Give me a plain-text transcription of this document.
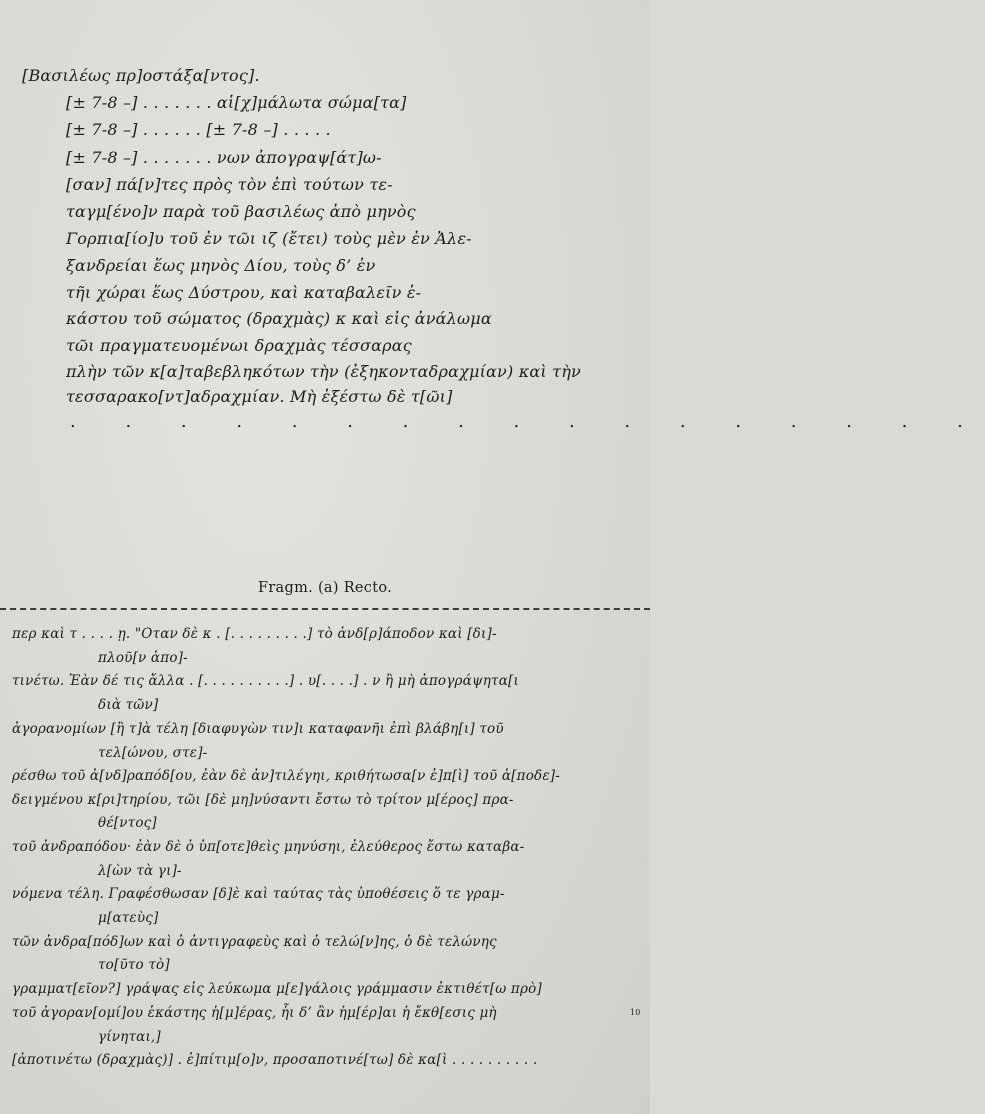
[Βασιλέως πρ]οστάξα[ντος].
[± 7-8 –] . . . . . . . αἱ[χ]μάλωτα σώμα[τα]
[± 7-8 –] . . . . . . [± 7-8 –] . . . . .
[± 7-8 –] . . . . . . . νων ἀπογραψ[άτ]ω-
[σαν] πά[ν]τες πρὸς τὸν ἐπὶ τούτων τε-
ταγμ[ένο]ν παρὰ τοῦ βασιλέως ἀπὸ μηνὸς
Γορπια[ίο]υ τοῦ ἐν τῶι ιζ (ἔτει) τοὺς μὲν ἐν Ἀλε-
ξανδρείαι ἕως μηνὸς Δίου, τοὺς δ’ ἐν
τῆι χώραι ἕως Δύστρου, καὶ καταβαλεῖν ἑ-
κάστου τοῦ σώματος (δραχμὰς) κ καὶ εἰς ἀνάλωμα
τῶι πραγματευομένωι δραχμὰς τέσσαρας
πλὴν τῶν κ[α]ταβεβληκότων τὴν (ἑξηκονταδραχμίαν) καὶ τὴν
τεσσαρακο[ντ]αδραχμίαν. Μὴ ἐξέστω δὲ τ[ῶι]
. . . . . . . . . . . . . . . . .
Fragm. (a) Recto.
περ καὶ τ . . . . ῃ. "Οταν δὲ κ . [. . . . . . . . .] τὸ ἀνδ[ρ]άποδον καὶ [δι]-
πλοῦ[ν ἀπο]-
τινέτω. Ἐὰν δέ τις ἄλλα . [. . . . . . . . . .] . υ[. . . .] . ν ἢ μὴ ἀπογράψητα[ι
διὰ τῶν]
ἀγορανομίων [ἢ τ]ὰ τέλη [διαφυγὼν τιν]ι καταφανῆι ἐπὶ βλάβη[ι] τοῦ
τελ[ώνου, στε]-
ρέσθω τοῦ ἀ[νδ]ραπόδ[ου, ἐὰν δὲ ἀν]τιλέγηι, κριθήτωσα[ν ἐ]π[ὶ] τοῦ ἀ[ποδε]-
δειγμένου κ[ρι]τηρίου, τῶι [δὲ μη]νύσαντι ἔστω τὸ τρίτον μ[έρος] πρα-
θέ[ντος]
τοῦ ἀνδραπόδου· ἐὰν δὲ ὁ ὑπ[οτε]θεὶς μηνύσηι, ἐλεύθερος ἔστω καταβα-
λ[ὼν τὰ γι]-
νόμενα τέλη. Γραφέσθωσαν [δ]ὲ καὶ ταύτας τὰς ὑποθέσεις ὅ τε γραμ-
μ[ατεὺς]
τῶν ἀνδρα[πόδ]ων καὶ ὁ ἀντιγραφεὺς καὶ ὁ τελώ[ν]ης, ὁ δὲ τελώνης
το[ῦτο τὸ]
γραμματ[εῖον?] γράψας εἰς λεύκωμα μ[ε]γάλοις γράμμασιν ἐκτιθέτ[ω πρὸ]
τοῦ ἀγοραν[ομί]ου ἑκάστης ἡ[μ]έρας, ἧι δ’ ἂν ἡμ[έρ]αι ἡ ἔκθ[εσις μὴ
γίνηται,]
[ἀποτινέτω (δραχμὰς)] . ἐ]πίτιμ[ο]ν, προσαποτινέ[τω] δὲ κα[ὶ . . . . . . . . . .
10
